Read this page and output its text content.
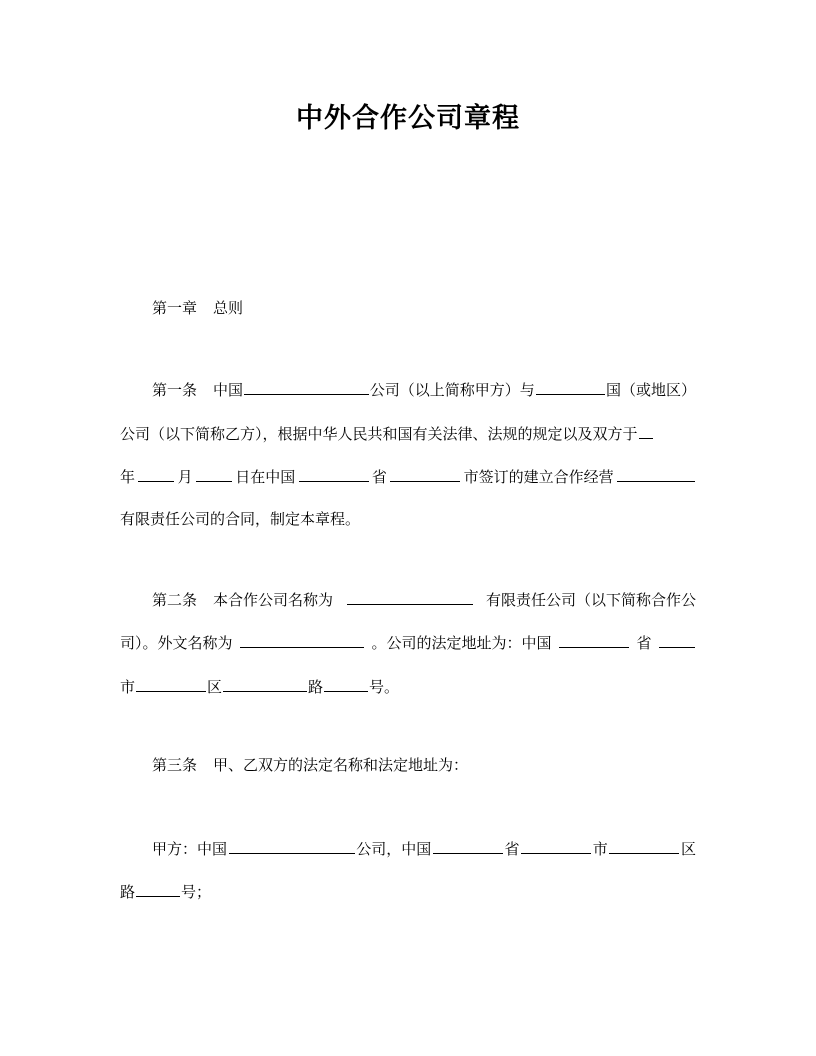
中外合作公司章程
第一章 总则
第一条 中国	公司（以上简称甲方）与	国（或地区）
公司（以下简称乙方），根据中华人民共和国有关法律、法规的规定以及双方于
年	月	日在中国	省	市签订的建立合作经营
有限责任公司的合同，制定本章程。
第二条 本合作公司名称为	有限责任公司（以下简称合作公
司）。外文名称为	。公司的法定地址为：中国	省
市	区	路	号。
第三条 甲、乙双方的法定名称和法定地址为：
甲方：中国	公司，中国	省	市	区
路	号；
